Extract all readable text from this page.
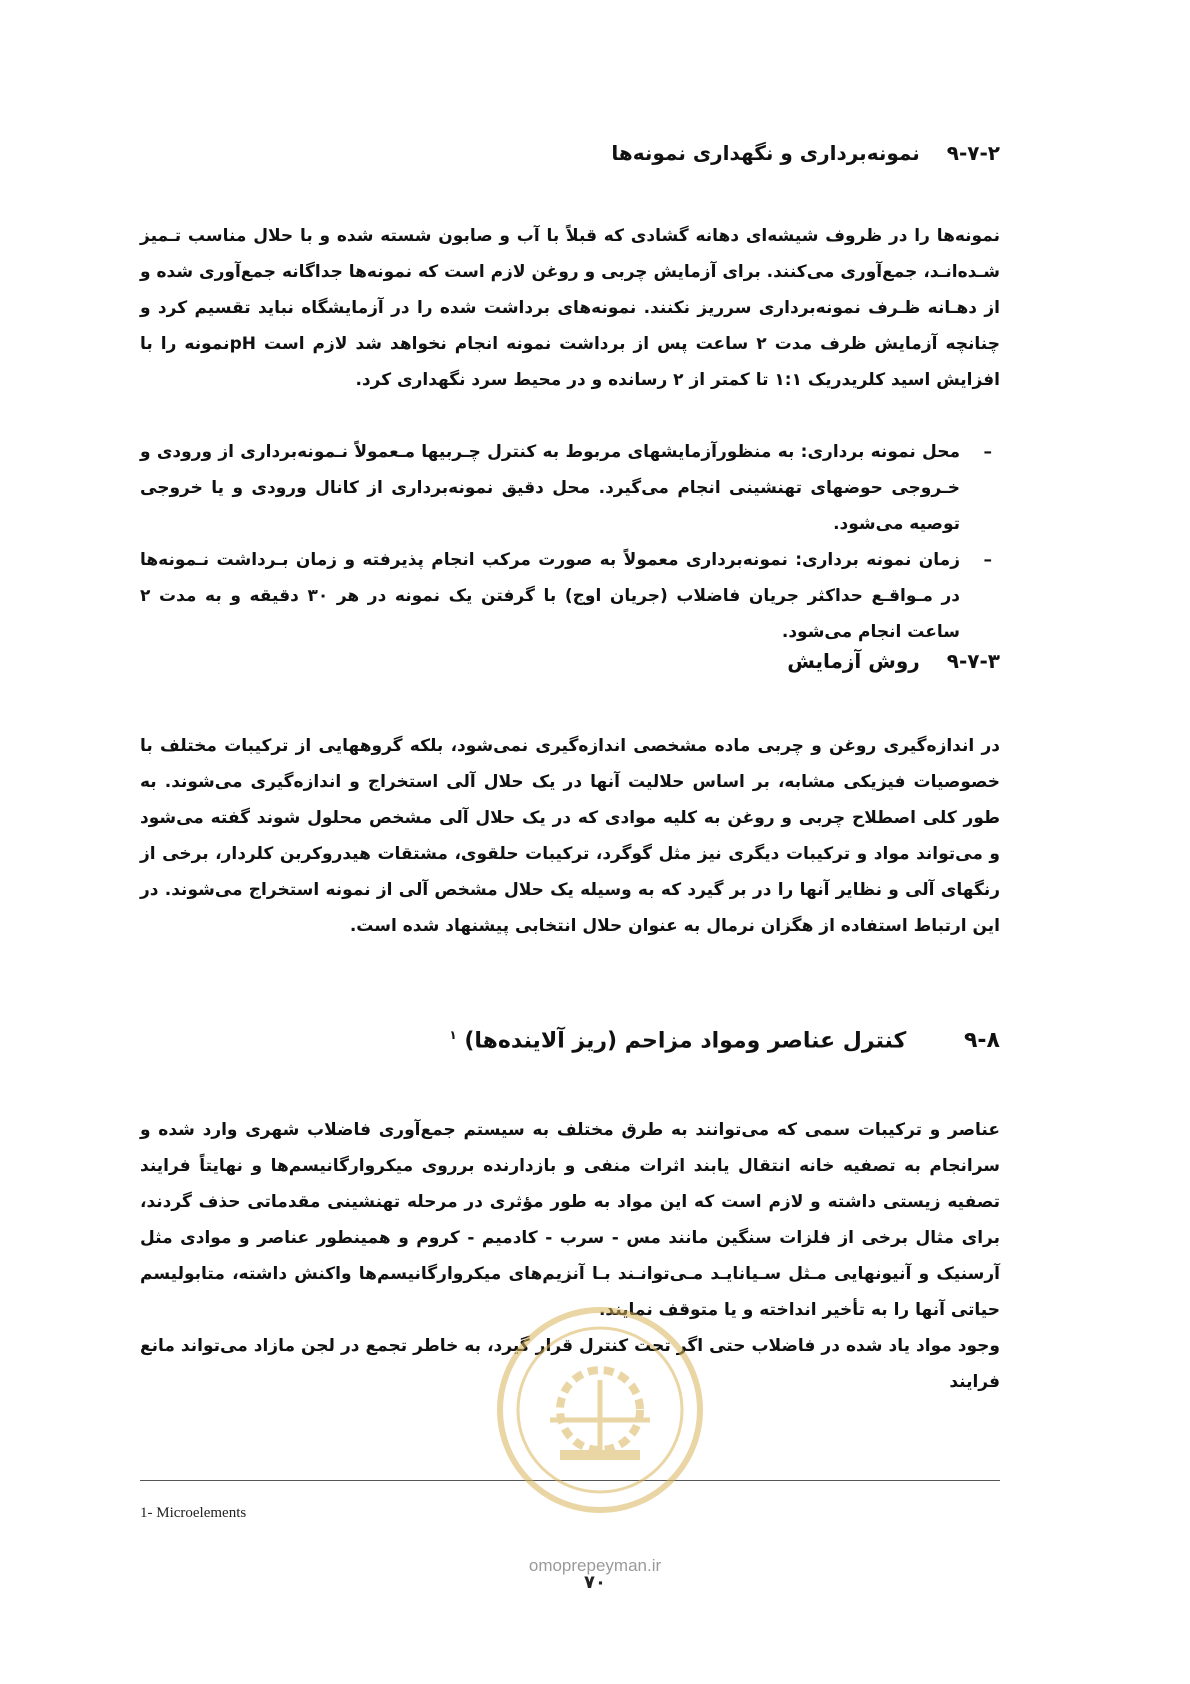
۹-۷-۲ نمونه‌برداری و نگهداری نمونه‌ها

نمونه‌ها را در ظروف شیشه‌ای دهانه گشادی که قبلاً با آب و صابون شسته شده و با حلال مناسب تـمیز شـده‌انـد، جمع‌آوری می‌کنند. برای آزمایش چربی و روغن لازم است که نمونه‌ها جداگانه جمع‌آوری شده و از دهـانه ظـرف نمونه‌برداری سرریز نکنند. نمونه‌های برداشت شده را در آزمایشگاه نباید تقسیم کرد و چنانچه آزمایش ظرف مدت ۲ ساعت پس از برداشت نمونه انجام نخواهد شد لازم است pHنمونه را با افزایش اسید کلریدریک ۱:۱ تا کمتر از ۲ رسانده و در محیط سرد نگهداری کرد.

–
محل نمونه برداری: به منظورآزمایشهای مربوط به کنترل چـربیها مـعمولاً نـمونه‌برداری از ورودی و خـروجی حوضهای تهنشینی انجام می‌گیرد. محل دقیق نمونه‌برداری از کانال ورودی و یا خروجی توصیه می‌شود.
–
زمان نمونه برداری: نمونه‌برداری معمولاً به صورت مرکب انجام پذیرفته و زمان بـرداشت نـمونه‌ها در مـواقـع حداکثر جریان فاضلاب (جریان اوج) با گرفتن یک نمونه در هر ۳۰ دقیقه و به مدت ۲ ساعت انجام می‌شود.
۹-۷-۳ روش آزمایش

در اندازه‌گیری روغن و چربی ماده مشخصی اندازه‌گیری نمی‌شود، بلکه گروههایی از ترکیبات مختلف با خصوصیات فیزیکی مشابه، بر اساس حلالیت آنها در یک حلال آلی استخراج و اندازه‌گیری می‌شوند. به طور کلی اصطلاح چربی و روغن به کلیه موادی که در یک حلال آلی مشخص محلول شوند گفته می‌شود و می‌تواند مواد و ترکیبات دیگری نیز مثل گوگرد، ترکیبات حلقوی، مشتقات هیدروکربن کلردار، برخی از رنگهای آلی و نظایر آنها را در بر گیرد که به وسیله یک حلال مشخص آلی از نمونه استخراج می‌شوند. در این ارتباط استفاده از هگزان نرمال به عنوان حلال انتخابی پیشنهاد شده است.

۹-۸ کنترل عناصر ومواد مزاحم (ریز آلاینده‌ها) $^۱$

عناصر و ترکیبات سمی که می‌توانند به طرق مختلف به سیستم جمع‌آوری فاضلاب شهری وارد شده و سرانجام به تصفیه خانه انتقال یابند اثرات منفی و بازدارنده برروی میکروارگانیسم‌ها و نهایتاً فرایند تصفیه زیستی داشته و لازم است که این مواد به طور مؤثری در مرحله تهنشینی مقدماتی حذف گردند، برای مثال برخی از فلزات سنگین مانند مس - سرب - کادمیم - کروم و همینطور عناصر و موادی مثل آرسنیک و آنیونهایی مـثل سـیانایـد مـی‌توانـند بـا آنزیم‌های میکروارگانیسم‌ها واکنش داشته، متابولیسم حیاتی آنها را به تأخیر انداخته و یا متوقف نمایند.

وجود مواد یاد شده در فاضلاب حتی اگر تحت کنترل قرار گیرد، به خاطر تجمع در لجن مازاد می‌تواند مانع فرایند

1- Microelements
omoprepeyman.ir
۷۰
